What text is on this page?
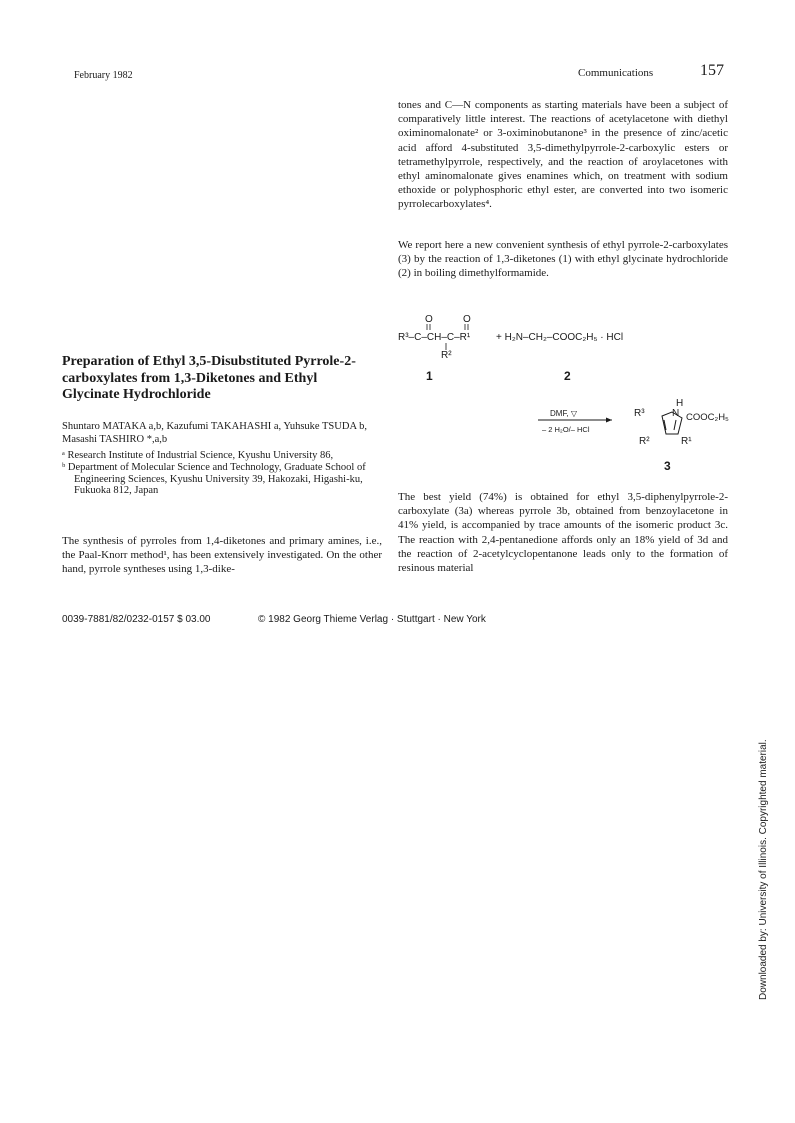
February 1982	Communications	157

tones and C—N components as starting materials have been a subject of comparatively little interest. The reactions of acetylacetone with diethyl oximinomalonate² or 3-oximinobutanone³ in the presence of zinc/acetic acid afford 4-substituted 3,5-dimethylpyrrole-2-carboxylic esters or tetramethylpyrrole, respectively, and the reaction of aroylacetones with ethyl aminomalonate gives enamines which, on treatment with sodium ethoxide or polyphosphoric ethyl ester, are converted into two isomeric pyrrolecarboxylates⁴.

We report here a new convenient synthesis of ethyl pyrrole-2-carboxylates (3) by the reaction of 1,3-diketones (1) with ethyl glycinate hydrochloride (2) in boiling dimethylformamide.

O	O
R³–C–CH–C–R¹
R²
+ H₂N–CH₂–COOC₂H₅ · HCl
1	2
DMF, ▽
– 2 H₂O/– HCl
H
R³	N COOC₂H₅
R²	R¹
3
Preparation of Ethyl 3,5-Disubstituted Pyrrole-2-carboxylates from 1,3-Diketones and Ethyl Glycinate Hydrochloride
Shuntaro MATAKA a,b, Kazufumi TAKAHASHI a, Yuhsuke TSUDA b, Masashi TASHIRO *,a,b

ᵃ Research Institute of Industrial Science, Kyushu University 86,

ᵇ Department of Molecular Science and Technology, Graduate School of Engineering Sciences, Kyushu University 39, Hakozaki, Higashi-ku, Fukuoka 812, Japan

The synthesis of pyrroles from 1,4-diketones and primary amines, i.e., the Paal-Knorr method¹, has been extensively investigated. On the other hand, pyrrole syntheses using 1,3-dike-

The best yield (74%) is obtained for ethyl 3,5-diphenylpyrrole-2-carboxylate (3a) whereas pyrrole 3b, obtained from benzoylacetone in 41% yield, is accompanied by trace amounts of the isomeric product 3c. The reaction with 2,4-pentanedione affords only an 18% yield of 3d and the reaction of 2-acetylcyclopentanone leads only to the formation of resinous material

0039-7881/82/0232-0157 $ 03.00	© 1982 Georg Thieme Verlag · Stuttgart · New York
Downloaded by: University of Illinois. Copyrighted material.
